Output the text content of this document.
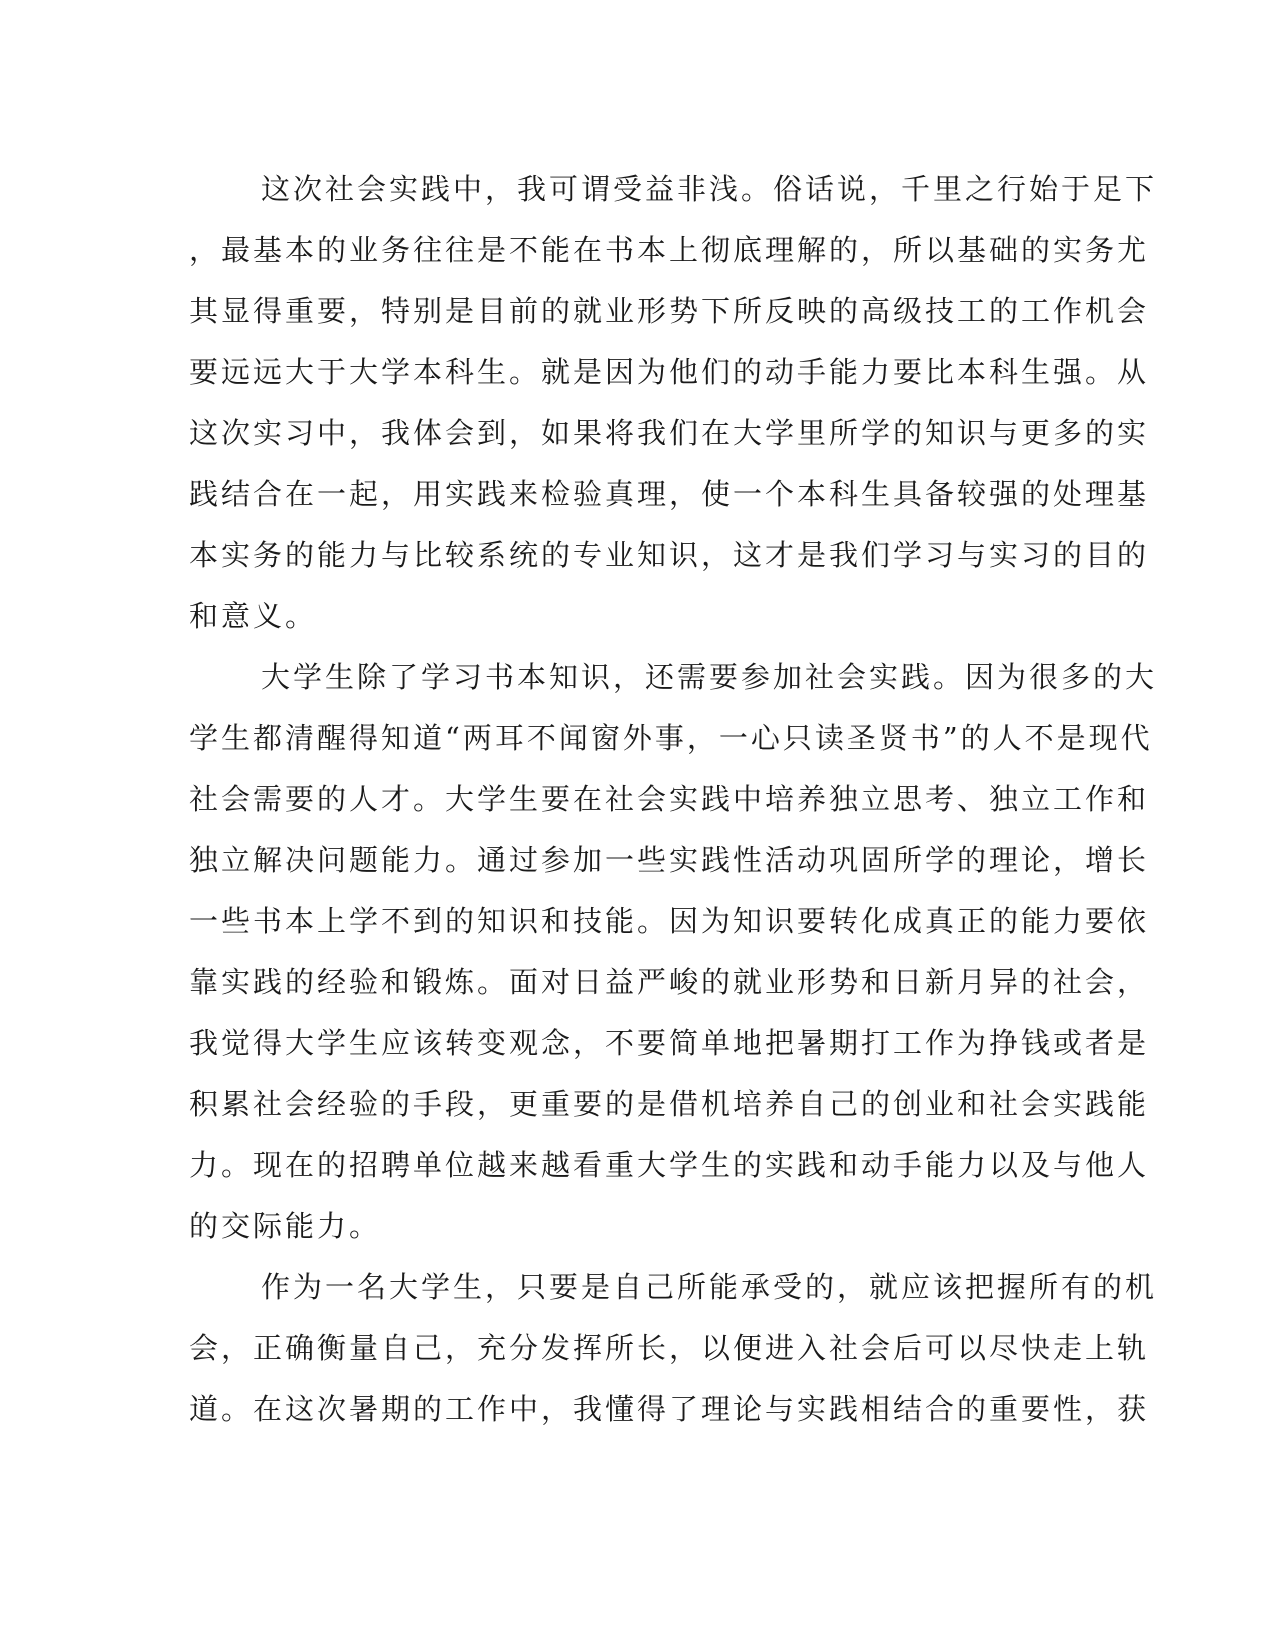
这次社会实践中，我可谓受益非浅。俗话说，千里之行始于足下
，最基本的业务往往是不能在书本上彻底理解的，所以基础的实务尤
其显得重要，特别是目前的就业形势下所反映的高级技工的工作机会
要远远大于大学本科生。就是因为他们的动手能力要比本科生强。从
这次实习中，我体会到，如果将我们在大学里所学的知识与更多的实
践结合在一起，用实践来检验真理，使一个本科生具备较强的处理基
本实务的能力与比较系统的专业知识，这才是我们学习与实习的目的
和意义。
大学生除了学习书本知识，还需要参加社会实践。因为很多的大
学生都清醒得知道“两耳不闻窗外事，一心只读圣贤书”的人不是现代
社会需要的人才。大学生要在社会实践中培养独立思考、独立工作和
独立解决问题能力。通过参加一些实践性活动巩固所学的理论，增长
一些书本上学不到的知识和技能。因为知识要转化成真正的能力要依
靠实践的经验和锻炼。面对日益严峻的就业形势和日新月异的社会，
我觉得大学生应该转变观念，不要简单地把暑期打工作为挣钱或者是
积累社会经验的手段，更重要的是借机培养自己的创业和社会实践能
力。现在的招聘单位越来越看重大学生的实践和动手能力以及与他人
的交际能力。
作为一名大学生，只要是自己所能承受的，就应该把握所有的机
会，正确衡量自己，充分发挥所长，以便进入社会后可以尽快走上轨
道。在这次暑期的工作中，我懂得了理论与实践相结合的重要性，获
